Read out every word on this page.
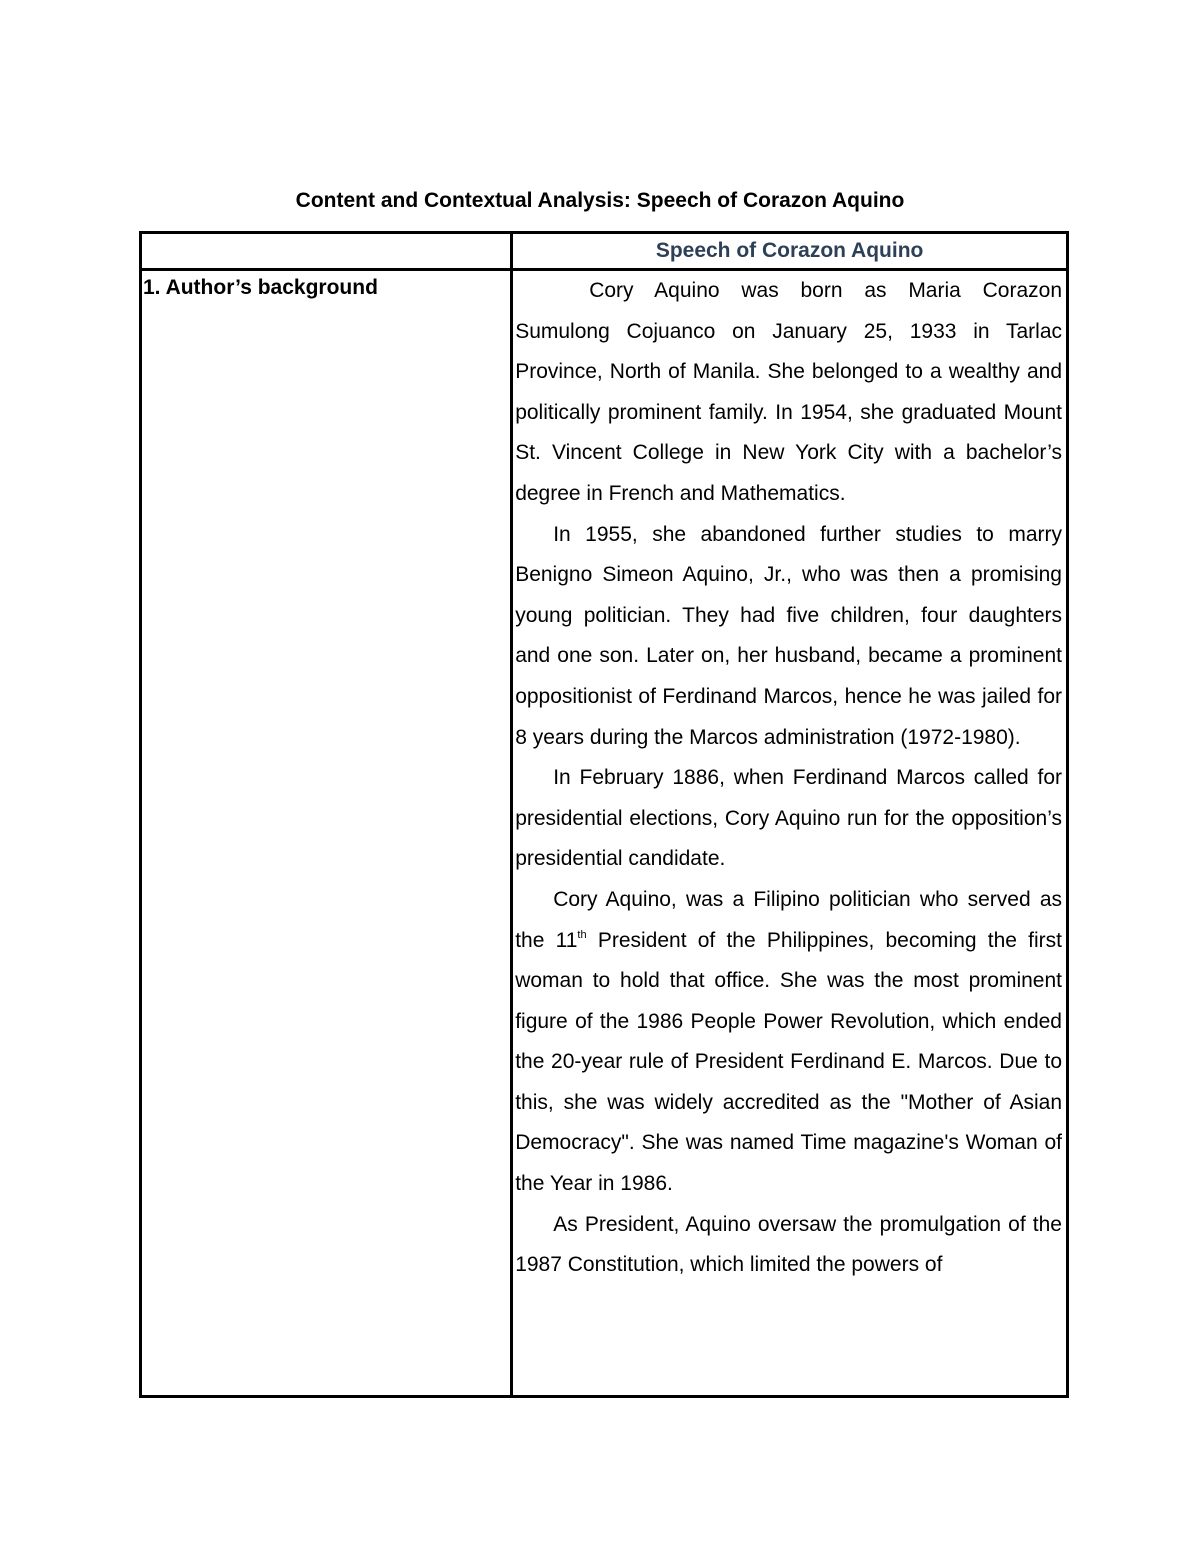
Content and Contextual Analysis: Speech of Corazon Aquino
	Speech of Corazon Aquino
1. Author’s background	Cory Aquino was born as Maria Corazon Sumulong Cojuanco on January 25, 1933 in Tarlac Province, North of Manila. She belonged to a wealthy and politically prominent family. In 1954, she graduated Mount St. Vincent College in New York City with a bachelor’s degree in French and Mathematics.

In 1955, she abandoned further studies to marry Benigno Simeon Aquino, Jr., who was then a promising young politician. They had five children, four daughters and one son. Later on, her husband, became a prominent oppositionist of Ferdinand Marcos, hence he was jailed for 8 years during the Marcos administration (1972-1980).

In February 1886, when Ferdinand Marcos called for presidential elections, Cory Aquino run for the opposition’s presidential candidate.

Cory Aquino, was a Filipino politician who served as the 11th President of the Philippines, becoming the first woman to hold that office. She was the most prominent figure of the 1986 People Power Revolution, which ended the 20-year rule of President Ferdinand E. Marcos. Due to this, she was widely accredited as the "Mother of Asian Democracy". She was named Time magazine's Woman of the Year in 1986.

As President, Aquino oversaw the promulgation of the 1987 Constitution, which limited the powers of
